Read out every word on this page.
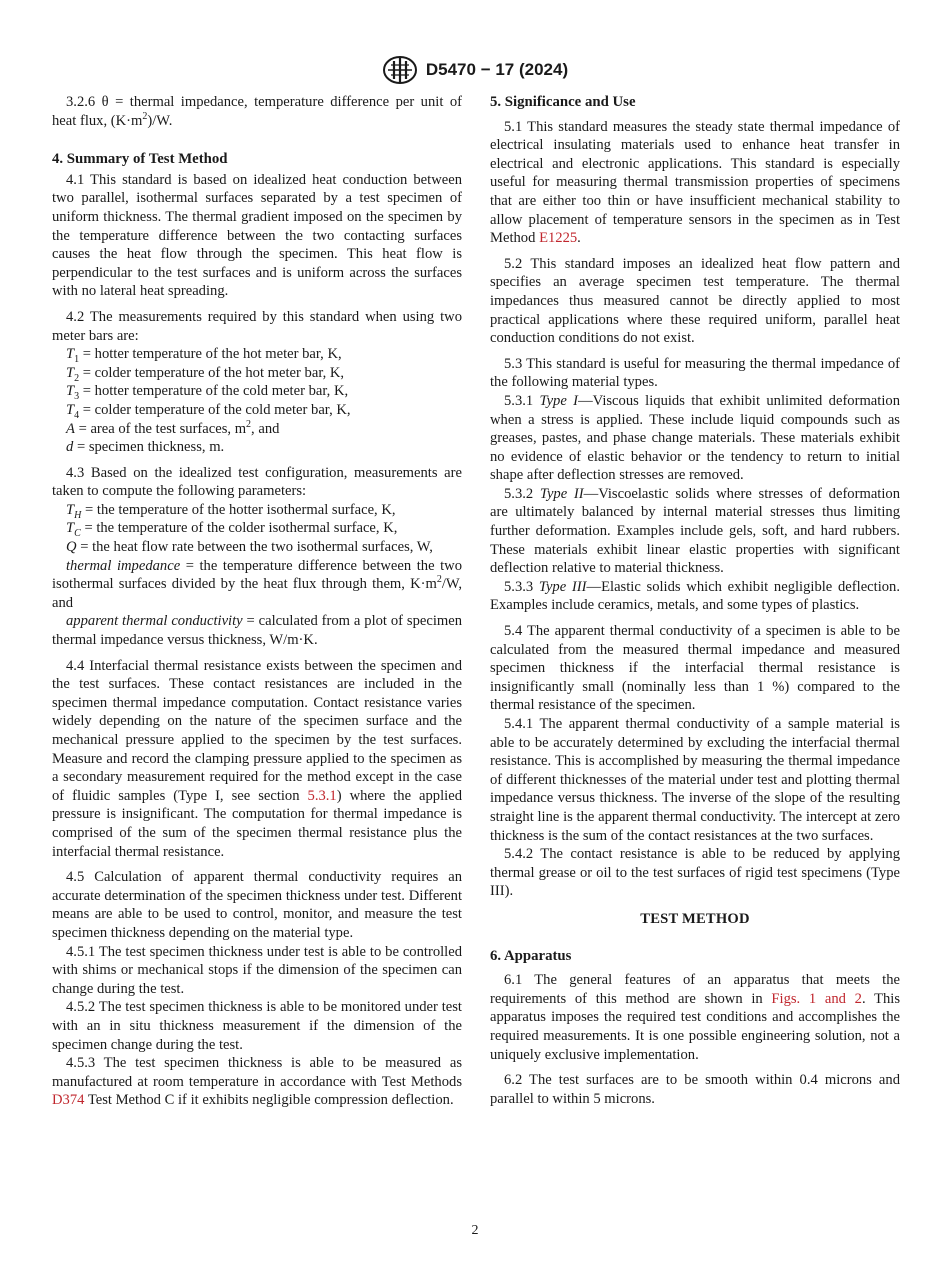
D5470 − 17 (2024)

3.2.6 θ = thermal impedance, temperature difference per unit of heat flux, $(K\cdot m^2)/W$.

4. Summary of Test Method

4.1 This standard is based on idealized heat conduction between two parallel, isothermal surfaces separated by a test specimen of uniform thickness. The thermal gradient imposed on the specimen by the temperature difference between the two contacting surfaces causes the heat flow through the specimen. This heat flow is perpendicular to the test surfaces and is uniform across the surfaces with no lateral heat spreading.

4.2 The measurements required by this standard when using two meter bars are:

$T_1$ = hotter temperature of the hot meter bar, K,

$T_2$ = colder temperature of the hot meter bar, K,

$T_3$ = hotter temperature of the cold meter bar, K,

$T_4$ = colder temperature of the cold meter bar, K,

A = area of the test surfaces, $m^2$, and

d = specimen thickness, m.

4.3 Based on the idealized test configuration, measurements are taken to compute the following parameters:

$T_H$ = the temperature of the hotter isothermal surface, K,

$T_C$ = the temperature of the colder isothermal surface, K,

Q = the heat flow rate between the two isothermal surfaces, W,

thermal impedance = the temperature difference between the two isothermal surfaces divided by the heat flux through them, $K\cdot m^2/W$, and

apparent thermal conductivity = calculated from a plot of specimen thermal impedance versus thickness, W/m·K.

4.4 Interfacial thermal resistance exists between the specimen and the test surfaces. These contact resistances are included in the specimen thermal impedance computation. Contact resistance varies widely depending on the nature of the specimen surface and the mechanical pressure applied to the specimen by the test surfaces. Measure and record the clamping pressure applied to the specimen as a secondary measurement required for the method except in the case of fluidic samples (Type I, see section 5.3.1) where the applied pressure is insignificant. The computation for thermal impedance is comprised of the sum of the specimen thermal resistance plus the interfacial thermal resistance.

4.5 Calculation of apparent thermal conductivity requires an accurate determination of the specimen thickness under test. Different means are able to be used to control, monitor, and measure the test specimen thickness depending on the material type.

4.5.1 The test specimen thickness under test is able to be controlled with shims or mechanical stops if the dimension of the specimen can change during the test.

4.5.2 The test specimen thickness is able to be monitored under test with an in situ thickness measurement if the dimension of the specimen change during the test.

4.5.3 The test specimen thickness is able to be measured as manufactured at room temperature in accordance with Test Methods D374 Test Method C if it exhibits negligible compression deflection.

5. Significance and Use

5.1 This standard measures the steady state thermal impedance of electrical insulating materials used to enhance heat transfer in electrical and electronic applications. This standard is especially useful for measuring thermal transmission properties of specimens that are either too thin or have insufficient mechanical stability to allow placement of temperature sensors in the specimen as in Test Method E1225.

5.2 This standard imposes an idealized heat flow pattern and specifies an average specimen test temperature. The thermal impedances thus measured cannot be directly applied to most practical applications where these required uniform, parallel heat conduction conditions do not exist.

5.3 This standard is useful for measuring the thermal impedance of the following material types.

5.3.1 Type I—Viscous liquids that exhibit unlimited deformation when a stress is applied. These include liquid compounds such as greases, pastes, and phase change materials. These materials exhibit no evidence of elastic behavior or the tendency to return to initial shape after deflection stresses are removed.

5.3.2 Type II—Viscoelastic solids where stresses of deformation are ultimately balanced by internal material stresses thus limiting further deformation. Examples include gels, soft, and hard rubbers. These materials exhibit linear elastic properties with significant deflection relative to material thickness.

5.3.3 Type III—Elastic solids which exhibit negligible deflection. Examples include ceramics, metals, and some types of plastics.

5.4 The apparent thermal conductivity of a specimen is able to be calculated from the measured thermal impedance and measured specimen thickness if the interfacial thermal resistance is insignificantly small (nominally less than 1 %) compared to the thermal resistance of the specimen.

5.4.1 The apparent thermal conductivity of a sample material is able to be accurately determined by excluding the interfacial thermal resistance. This is accomplished by measuring the thermal impedance of different thicknesses of the material under test and plotting thermal impedance versus thickness. The inverse of the slope of the resulting straight line is the apparent thermal conductivity. The intercept at zero thickness is the sum of the contact resistances at the two surfaces.

5.4.2 The contact resistance is able to be reduced by applying thermal grease or oil to the test surfaces of rigid test specimens (Type III).

TEST METHOD

6. Apparatus

6.1 The general features of an apparatus that meets the requirements of this method are shown in Figs. 1 and 2. This apparatus imposes the required test conditions and accomplishes the required measurements. It is one possible engineering solution, not a uniquely exclusive implementation.

6.2 The test surfaces are to be smooth within 0.4 microns and parallel to within 5 microns.

2
